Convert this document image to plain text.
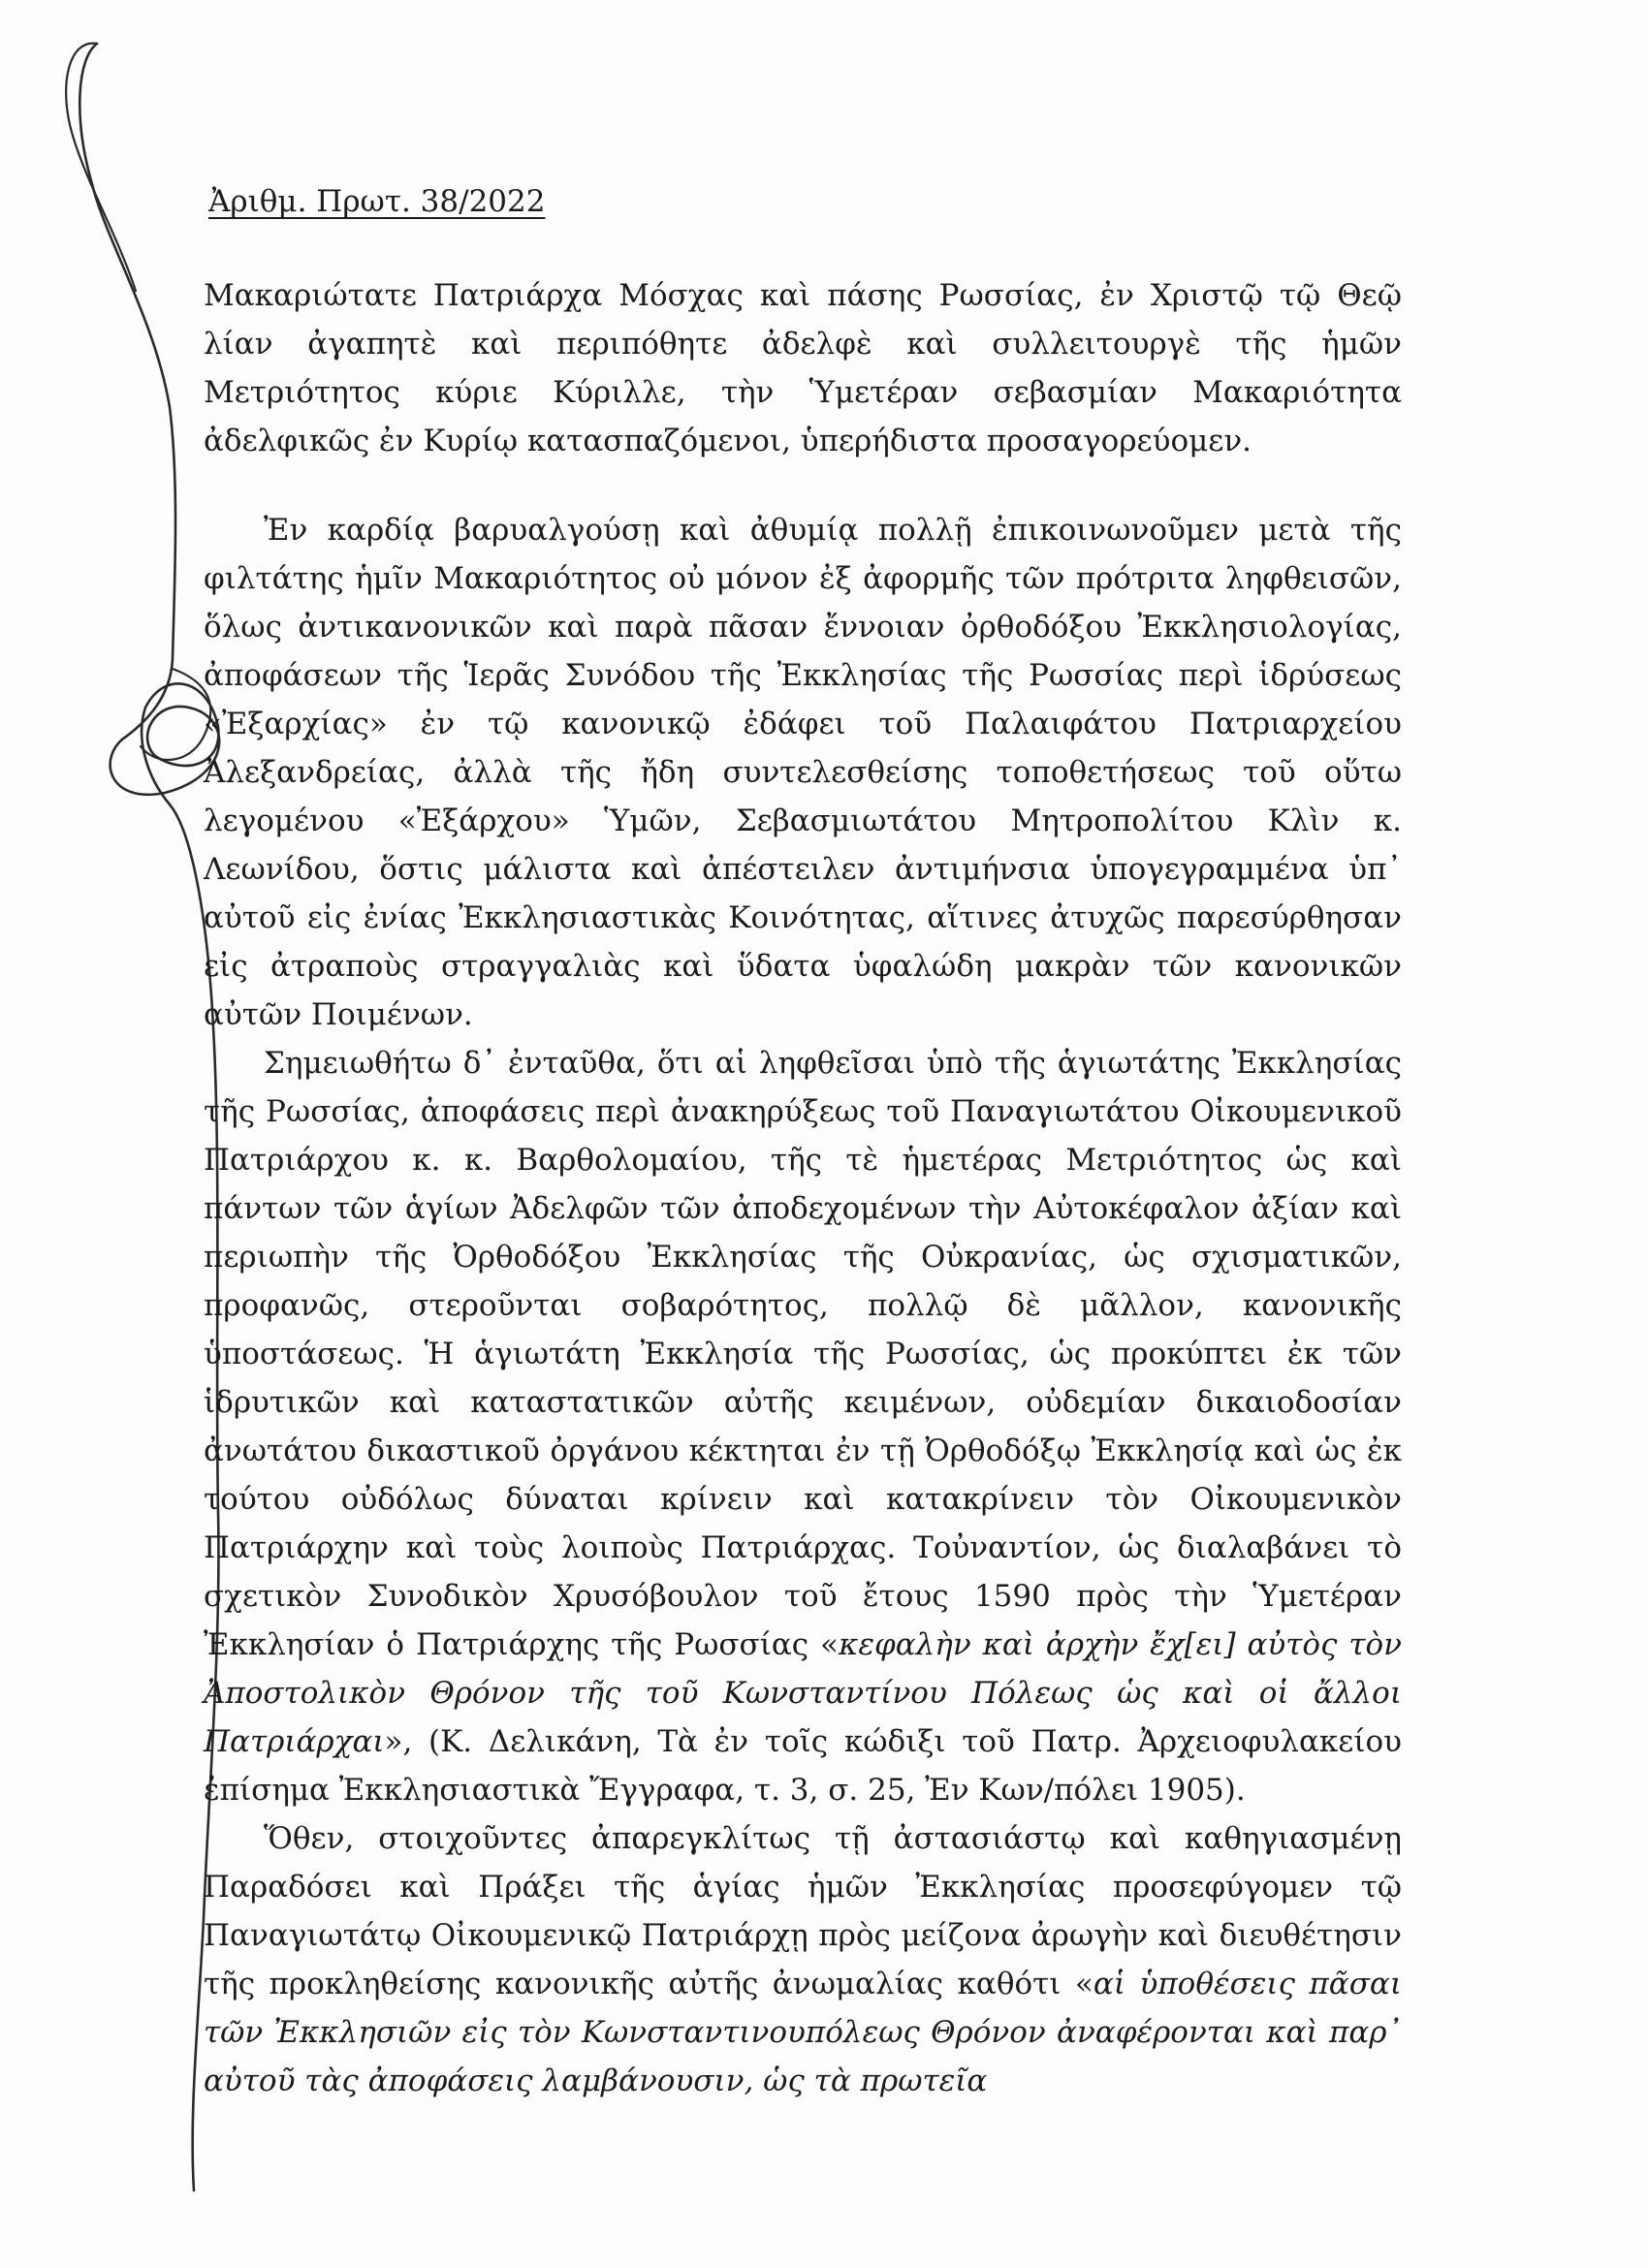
Ἀριθμ. Πρωτ. 38/2022
Μακαριώτατε Πατριάρχα Μόσχας καὶ πάσης Ρωσσίας, ἐν Χριστῷ τῷ Θεῷ λίαν ἀγαπητὲ καὶ περιπόθητε ἀδελφὲ καὶ συλλειτουργὲ τῆς ἡμῶν Μετριότητος κύριε Κύριλλε, τὴν Ὑμετέραν σεβασμίαν Μακαριότητα ἀδελφικῶς ἐν Κυρίῳ κατασπαζόμενοι, ὑπερήδιστα προσαγορεύομεν.

Ἐν καρδίᾳ βαρυαλγούσῃ καὶ ἀθυμίᾳ πολλῇ ἐπικοινωνοῦμεν μετὰ τῆς φιλτάτης ἡμῖν Μακαριότητος οὐ μόνον ἐξ ἀφορμῆς τῶν πρότριτα ληφθεισῶν, ὅλως ἀντικανονικῶν καὶ παρὰ πᾶσαν ἔννοιαν ὀρθοδόξου Ἐκκλησιολογίας, ἀποφάσεων τῆς Ἱερᾶς Συνόδου τῆς Ἐκκλησίας τῆς Ρωσσίας περὶ ἱδρύσεως «Ἐξαρχίας» ἐν τῷ κανονικῷ ἐδάφει τοῦ Παλαιφάτου Πατριαρχείου Ἀλεξανδρείας, ἀλλὰ τῆς ἤδη συντελεσθείσης τοποθετήσεως τοῦ οὕτω λεγομένου «Ἐξάρχου» Ὑμῶν, Σεβασμιωτάτου Μητροπολίτου Κλὶν κ. Λεωνίδου, ὅστις μάλιστα καὶ ἀπέστειλεν ἀντιμήνσια ὑπογεγραμμένα ὑπ᾽ αὐτοῦ εἰς ἐνίας Ἐκκλησιαστικὰς Κοινότητας, αἵτινες ἀτυχῶς παρεσύρθησαν εἰς ἀτραποὺς στραγγαλιὰς καὶ ὕδατα ὑφαλώδη μακρὰν τῶν κανονικῶν αὐτῶν Ποιμένων.

Σημειωθήτω δ᾽ ἐνταῦθα, ὅτι αἱ ληφθεῖσαι ὑπὸ τῆς ἁγιωτάτης Ἐκκλησίας τῆς Ρωσσίας, ἀποφάσεις περὶ ἀνακηρύξεως τοῦ Παναγιωτάτου Οἰκουμενικοῦ Πατριάρχου κ. κ. Βαρθολομαίου, τῆς τὲ ἡμετέρας Μετριότητος ὡς καὶ πάντων τῶν ἁγίων Ἀδελφῶν τῶν ἀποδεχομένων τὴν Αὐτοκέφαλον ἀξίαν καὶ περιωπὴν τῆς Ὀρθοδόξου Ἐκκλησίας τῆς Οὐκρανίας, ὡς σχισματικῶν, προφανῶς, στεροῦνται σοβαρότητος, πολλῷ δὲ μᾶλλον, κανονικῆς ὑποστάσεως. Ἡ ἁγιωτάτη Ἐκκλησία τῆς Ρωσσίας, ὡς προκύπτει ἐκ τῶν ἱδρυτικῶν καὶ καταστατικῶν αὐτῆς κειμένων, οὐδεμίαν δικαιοδοσίαν ἀνωτάτου δικαστικοῦ ὀργάνου κέκτηται ἐν τῇ Ὀρθοδόξῳ Ἐκκλησίᾳ καὶ ὡς ἐκ τούτου οὐδόλως δύναται κρίνειν καὶ κατακρίνειν τὸν Οἰκουμενικὸν Πατριάρχην καὶ τοὺς λοιποὺς Πατριάρχας. Τοὐναντίον, ὡς διαλαβάνει τὸ σχετικὸν Συνοδικὸν Χρυσόβουλον τοῦ ἔτους 1590 πρὸς τὴν Ὑμετέραν Ἐκκλησίαν ὁ Πατριάρχης τῆς Ρωσσίας «κεφαλὴν καὶ ἀρχὴν ἔχ[ει] αὐτὸς τὸν Ἀποστολικὸν Θρόνον τῆς τοῦ Κωνσταντίνου Πόλεως ὡς καὶ οἱ ἄλλοι Πατριάρχαι», (Κ. Δελικάνη, Τὰ ἐν τοῖς κώδιξι τοῦ Πατρ. Ἀρχειοφυλακείου ἐπίσημα Ἐκκλησιαστικὰ Ἔγγραφα, τ. 3, σ. 25, Ἐν Κων/πόλει 1905).

Ὅθεν, στοιχοῦντες ἀπαρεγκλίτως τῇ ἀστασιάστῳ καὶ καθηγιασμένῃ Παραδόσει καὶ Πράξει τῆς ἁγίας ἡμῶν Ἐκκλησίας προσεφύγομεν τῷ Παναγιωτάτῳ Οἰκουμενικῷ Πατριάρχῃ πρὸς μείζονα ἀρωγὴν καὶ διευθέτησιν τῆς προκληθείσης κανονικῆς αὐτῆς ἀνωμαλίας καθότι «αἱ ὑποθέσεις πᾶσαι τῶν Ἐκκλησιῶν εἰς τὸν Κωνσταντινουπόλεως Θρόνον ἀναφέρονται καὶ παρ᾽ αὐτοῦ τὰς ἀποφάσεις λαμβάνουσιν, ὡς τὰ πρωτεῖα
